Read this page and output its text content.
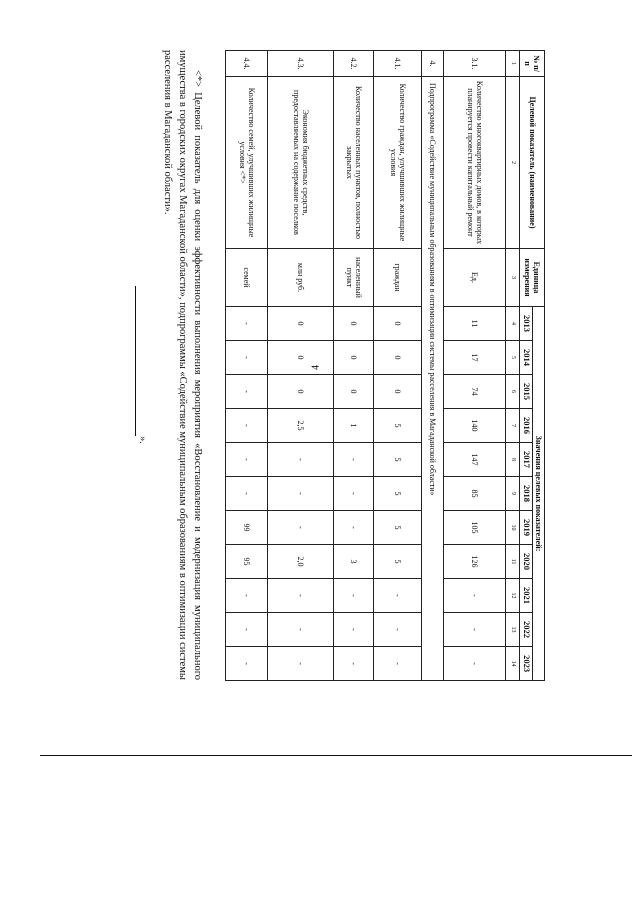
4
№ п/п	Целевой показатель (наименование)	Единица измерения	Значения целевых показателей:										
			2013	2014	2015	2016	2017	2018	2019	2020	2021	2022	2023
1	2	3	4	5	6	7	8	9	10	11	12	13	14
3.1.	Количество многоквартирных домов, в которых планируется провести капитальный ремонт	Ед.	11	17	74	140	147	85	105	126	-	-	-
4.	Подпрограмма «Содействие муниципальным образованиям в оптимизации системы расселения в Магаданской области»												
4.1.	Количество граждан, улучшивших жилищные условия	граждан	0	0	0	5	5	5	5	5	-	-	-
4.2.	Количество населенных пунктов, полностью закрытых	населенный пункт	0	0	0	1	-	-	-	3	-	-	-
4.3.	Экономия бюджетных средств, предоставляемых на содержание поселков	млн руб.	0	0	0	2,5	-	-	-	2,0	-	-	-
4.4.	Количество семей, улучшивших жилищные условия <*>	семей	-	-	-	-	-	-	99	95	-	-	-

<*> Целевой показатель для оценки эффективности выполнения мероприятия «Восстановление и модернизация муниципального имущества в городских округах Магаданской области», подпрограммы «Содействие муниципальным образованиям в оптимизации системы расселения в Магаданской области».

».
